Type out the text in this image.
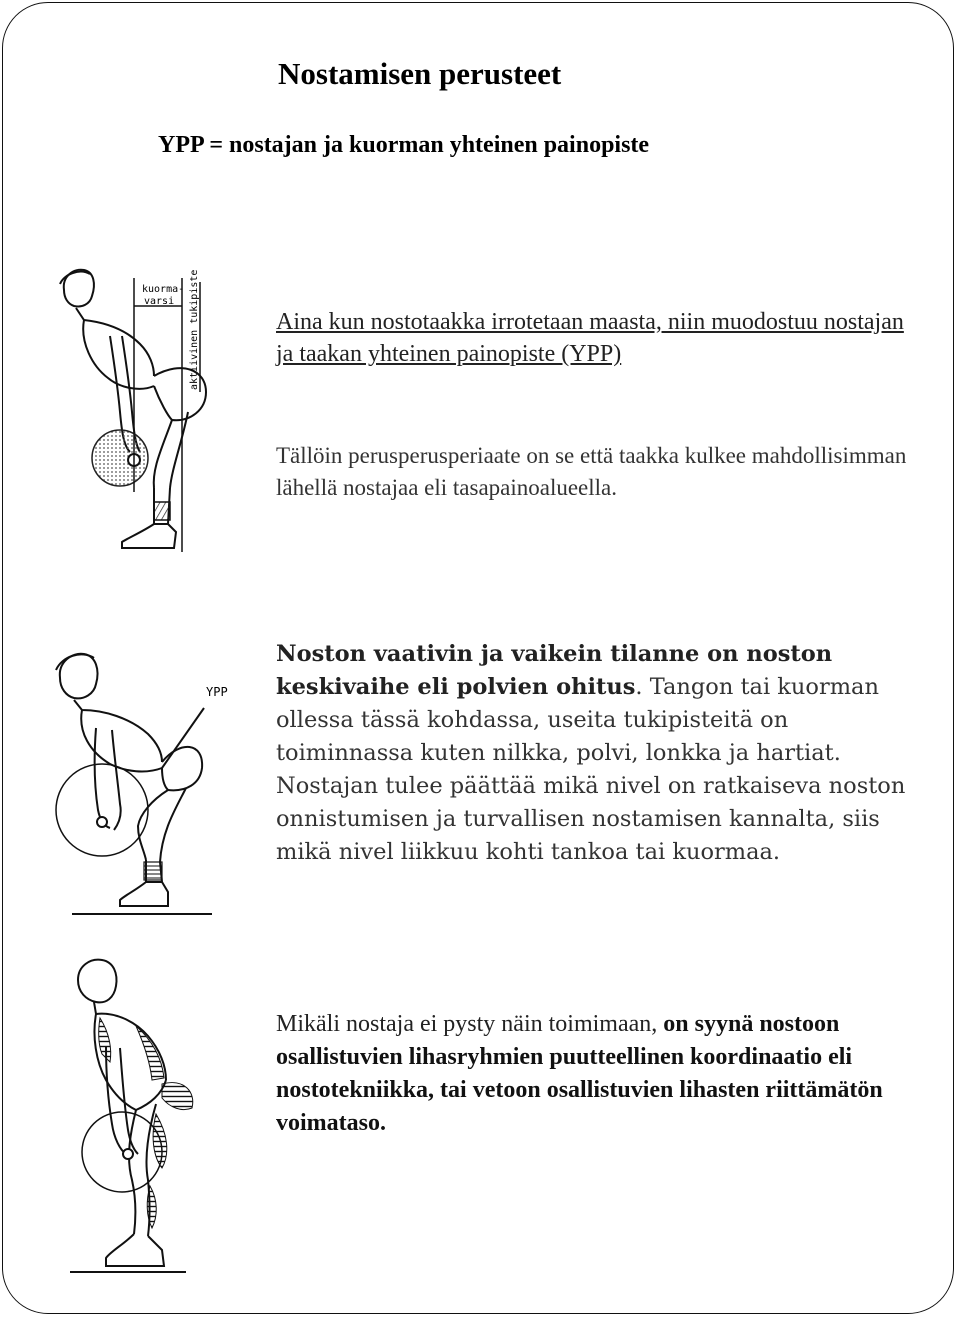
Nostamisen perusteet
YPP = nostajan ja kuorman yhteinen painopiste
kuorma-
varsi aktiivinen tukipiste	Aina kun nostotaakka irrotetaan maasta, niin muodostuu nostajan ja taakan yhteinen painopiste (YPP)

Tällöin perusperusperiaate on se että taakka kulkee mahdollisimman lähellä nostajaa eli tasapainoalueella.

YPP

Noston vaativin ja vaikein tilanne on noston keskivaihe eli polvien ohitus. Tangon tai kuorman ollessa tässä kohdassa, useita tukipisteitä on toiminnassa kuten nilkka, polvi, lonkka ja hartiat. Nostajan tulee päättää mikä nivel on ratkaiseva noston onnistumisen ja turvallisen nostamisen kannalta, siis mikä nivel liikkuu kohti tankoa tai kuormaa.

Mikäli nostaja ei pysty näin toimimaan, on syynä nostoon osallistuvien lihasryhmien puutteellinen koordinaatio eli nostotekniikka, tai vetoon osallistuvien lihasten riittämätön voimataso.
